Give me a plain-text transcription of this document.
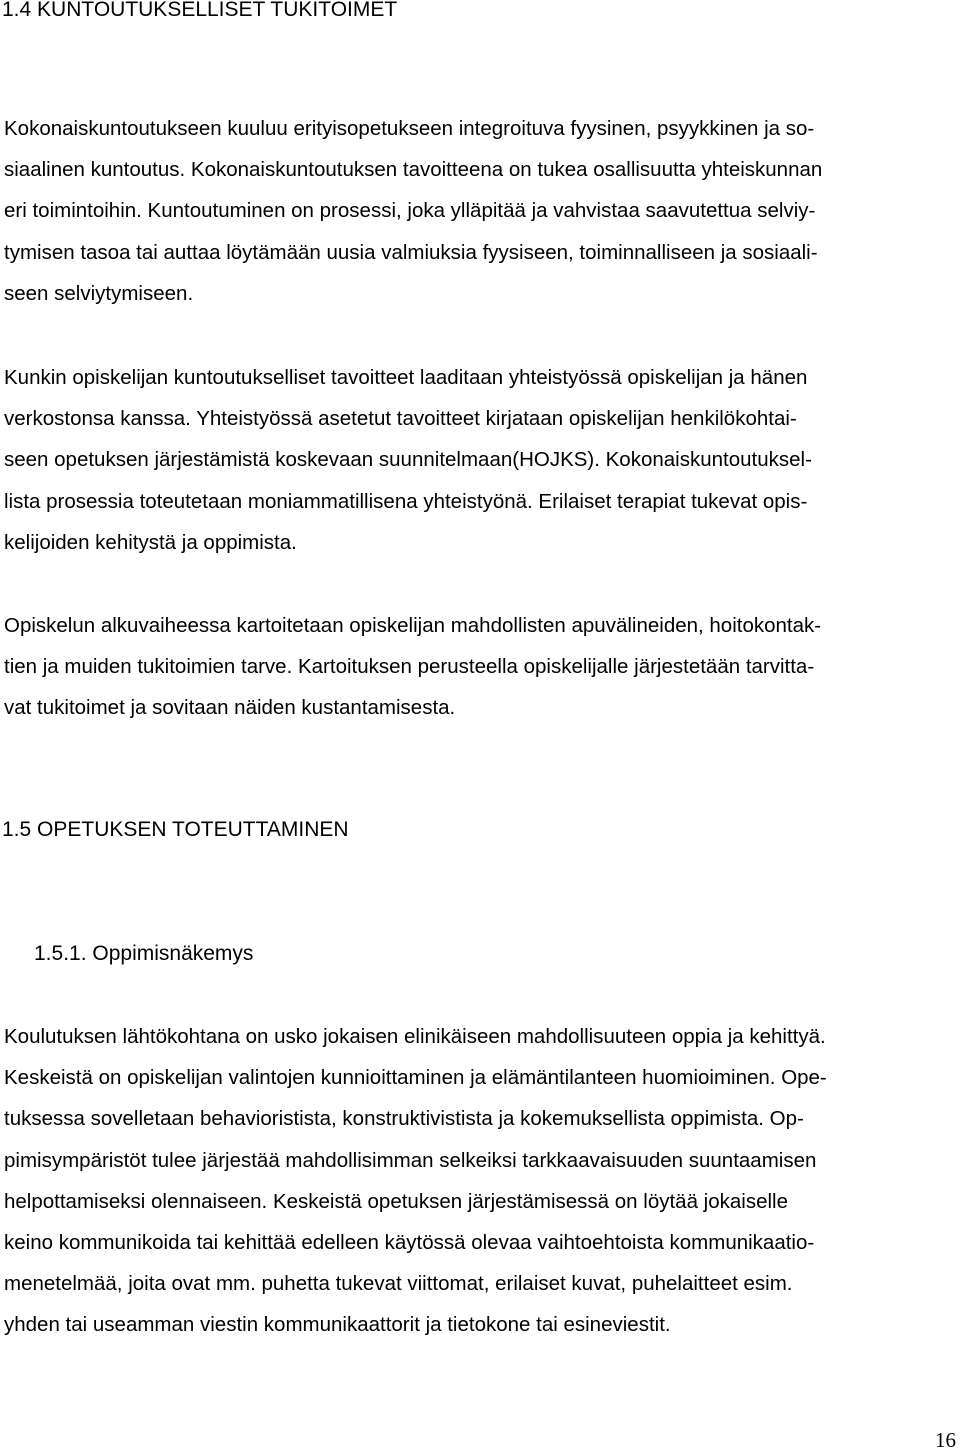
1.4 KUNTOUTUKSELLISET TUKITOIMET

Kokonaiskuntoutukseen kuuluu erityisopetukseen integroituva fyysinen, psyykkinen ja so-
siaalinen kuntoutus. Kokonaiskuntoutuksen tavoitteena on tukea osallisuutta yhteiskunnan
eri toimintoihin. Kuntoutuminen on prosessi, joka ylläpitää ja vahvistaa saavutettua selviy-
tymisen tasoa tai auttaa löytämään uusia valmiuksia fyysiseen, toiminnalliseen ja sosiaali-
seen selviytymiseen.

Kunkin opiskelijan kuntoutukselliset tavoitteet laaditaan yhteistyössä opiskelijan ja hänen
verkostonsa kanssa. Yhteistyössä asetetut tavoitteet kirjataan opiskelijan henkilökohtai-
seen opetuksen järjestämistä koskevaan suunnitelmaan(HOJKS). Kokonaiskuntoutuksel-
lista prosessia toteutetaan moniammatillisena yhteistyönä. Erilaiset terapiat tukevat opis-
kelijoiden kehitystä ja oppimista.

Opiskelun alkuvaiheessa kartoitetaan opiskelijan mahdollisten apuvälineiden, hoitokontak-
tien ja muiden tukitoimien tarve. Kartoituksen perusteella opiskelijalle järjestetään tarvitta-
vat tukitoimet ja sovitaan näiden kustantamisesta.

1.5 OPETUKSEN TOTEUTTAMINEN
1.5.1. Oppimisnäkemys

Koulutuksen lähtökohtana on usko jokaisen elinikäiseen mahdollisuuteen oppia ja kehittyä.
Keskeistä on opiskelijan valintojen kunnioittaminen ja elämäntilanteen huomioiminen. Ope-
tuksessa sovelletaan behavioristista, konstruktivistista ja kokemuksellista oppimista. Op-
pimisympäristöt tulee järjestää mahdollisimman selkeiksi tarkkaavaisuuden suuntaamisen
helpottamiseksi olennaiseen. Keskeistä opetuksen järjestämisessä on löytää jokaiselle
keino kommunikoida tai kehittää edelleen käytössä olevaa vaihtoehtoista kommunikaatio-
menetelmää, joita ovat mm. puhetta tukevat viittomat, erilaiset kuvat, puhelaitteet esim.
yhden tai useamman viestin kommunikaattorit ja tietokone tai esineviestit.

16
